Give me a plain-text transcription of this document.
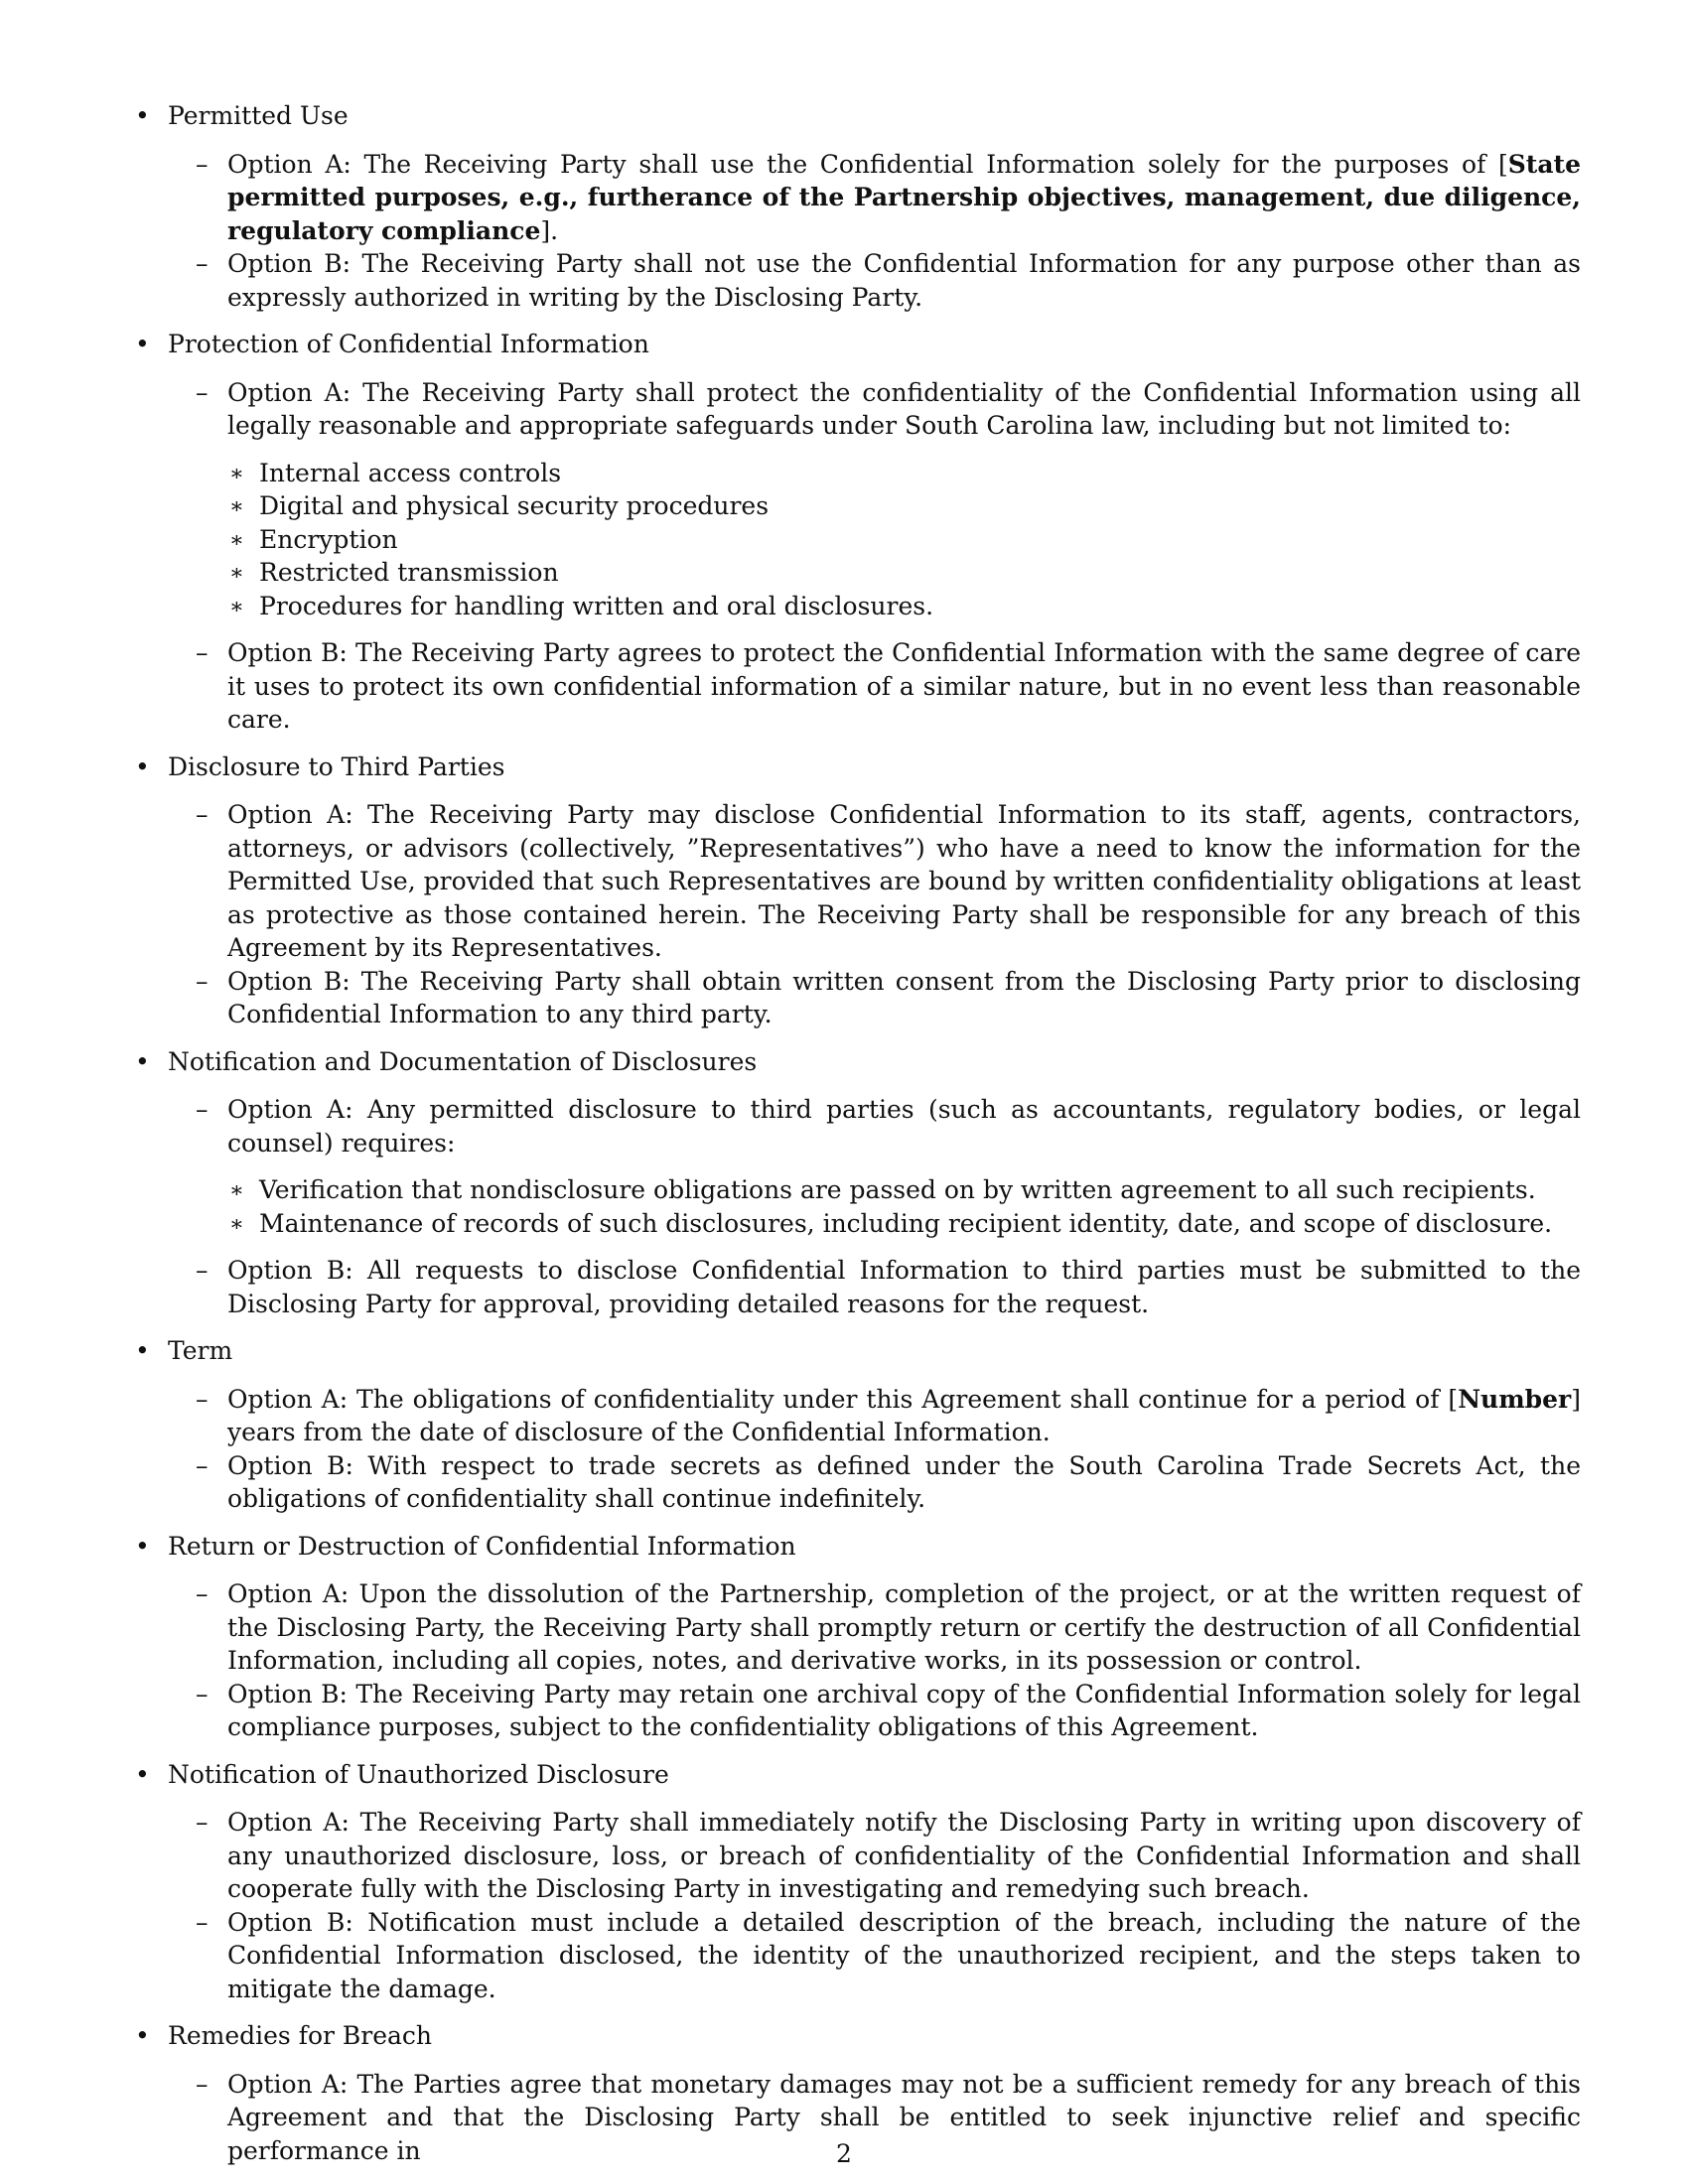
• Permitted Use
– Option A: The Receiving Party shall use the Confidential Information solely for the purposes of [State permitted purposes, e.g., furtherance of the Partnership objectives, management, due diligence, regulatory compliance].
– Option B: The Receiving Party shall not use the Confidential Information for any purpose other than as expressly authorized in writing by the Disclosing Party.
• Protection of Confidential Information
– Option A: The Receiving Party shall protect the confidentiality of the Confidential Information using all legally reasonable and appropriate safeguards under South Carolina law, including but not limited to:
∗ Internal access controls
∗ Digital and physical security procedures
∗ Encryption
∗ Restricted transmission
∗ Procedures for handling written and oral disclosures.
– Option B: The Receiving Party agrees to protect the Confidential Information with the same degree of care it uses to protect its own confidential information of a similar nature, but in no event less than reasonable care.
• Disclosure to Third Parties
– Option A: The Receiving Party may disclose Confidential Information to its staff, agents, contractors, attorneys, or advisors (collectively, ”Representatives”) who have a need to know the information for the Permitted Use, provided that such Representatives are bound by written confidentiality obligations at least as protective as those contained herein. The Receiving Party shall be responsible for any breach of this Agreement by its Representatives.
– Option B: The Receiving Party shall obtain written consent from the Disclosing Party prior to disclosing Confidential Information to any third party.
• Notification and Documentation of Disclosures
– Option A: Any permitted disclosure to third parties (such as accountants, regulatory bodies, or legal counsel) requires:
∗ Verification that nondisclosure obligations are passed on by written agreement to all such recipients.
∗ Maintenance of records of such disclosures, including recipient identity, date, and scope of disclosure.
– Option B: All requests to disclose Confidential Information to third parties must be submitted to the Disclosing Party for approval, providing detailed reasons for the request.
• Term
– Option A: The obligations of confidentiality under this Agreement shall continue for a period of [Number] years from the date of disclosure of the Confidential Information.
– Option B: With respect to trade secrets as defined under the South Carolina Trade Secrets Act, the obligations of confidentiality shall continue indefinitely.
• Return or Destruction of Confidential Information
– Option A: Upon the dissolution of the Partnership, completion of the project, or at the written request of the Disclosing Party, the Receiving Party shall promptly return or certify the destruction of all Confidential Information, including all copies, notes, and derivative works, in its possession or control.
– Option B: The Receiving Party may retain one archival copy of the Confidential Information solely for legal compliance purposes, subject to the confidentiality obligations of this Agreement.
• Notification of Unauthorized Disclosure
– Option A: The Receiving Party shall immediately notify the Disclosing Party in writing upon discovery of any unauthorized disclosure, loss, or breach of confidentiality of the Confidential Information and shall cooperate fully with the Disclosing Party in investigating and remedying such breach.
– Option B: Notification must include a detailed description of the breach, including the nature of the Confidential Information disclosed, the identity of the unauthorized recipient, and the steps taken to mitigate the damage.
• Remedies for Breach
– Option A: The Parties agree that monetary damages may not be a sufficient remedy for any breach of this Agreement and that the Disclosing Party shall be entitled to seek injunctive relief and specific performance in	2
